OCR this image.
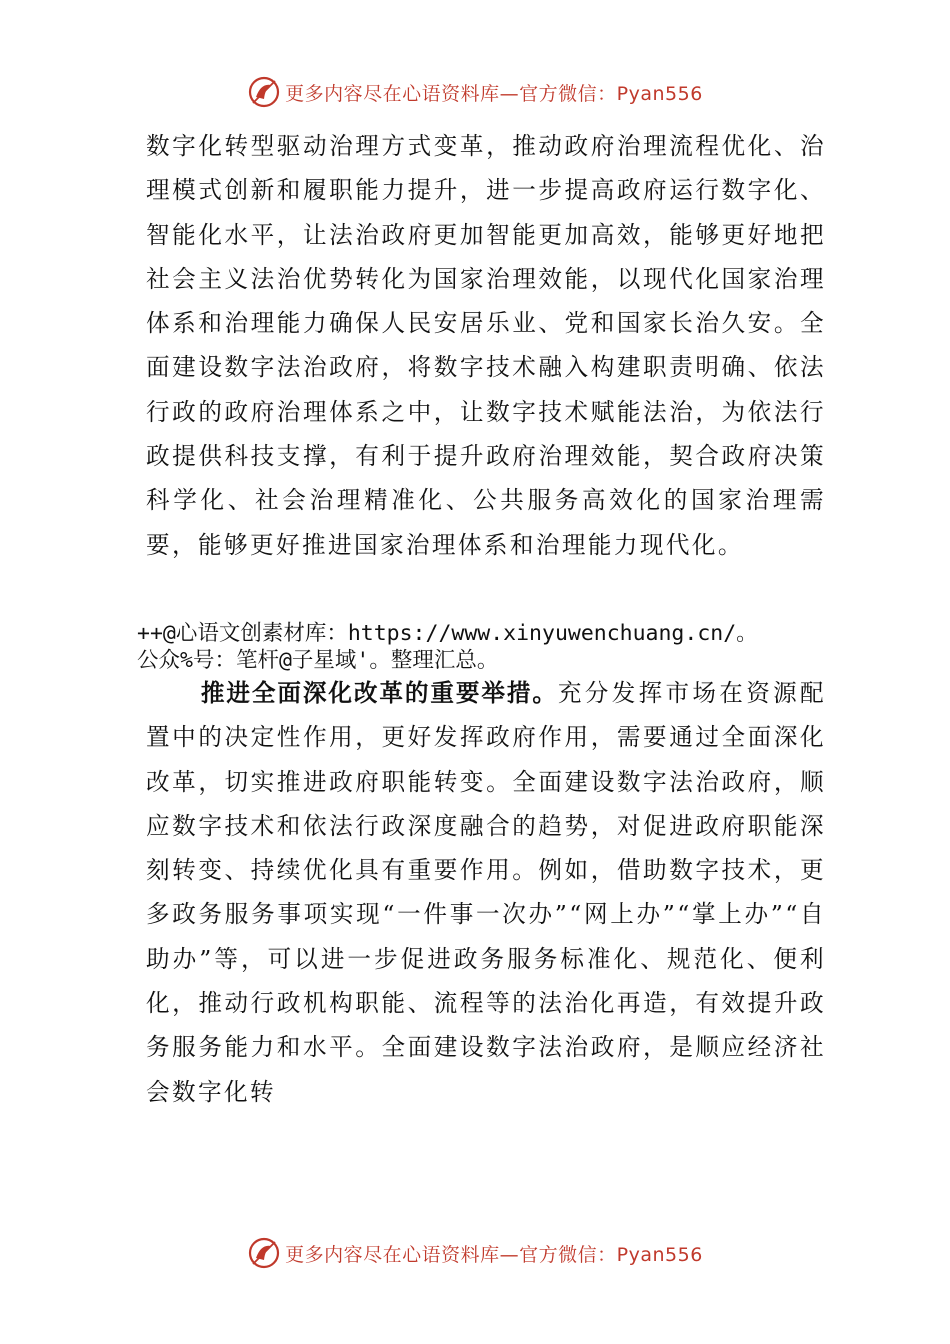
更多内容尽在心语资料库—官方微信：Pyan556

数字化转型驱动治理方式变革，推动政府治理流程优化、治理模式创新和履职能力提升，进一步提高政府运行数字化、智能化水平，让法治政府更加智能更加高效，能够更好地把社会主义法治优势转化为国家治理效能，以现代化国家治理体系和治理能力确保人民安居乐业、党和国家长治久安。全面建设数字法治政府，将数字技术融入构建职责明确、依法行政的政府治理体系之中，让数字技术赋能法治，为依法行政提供科技支撑，有利于提升政府治理效能，契合政府决策科学化、社会治理精准化、公共服务高效化的国家治理需要，能够更好推进国家治理体系和治理能力现代化。

++@心语文创素材库：https://www.xinyuwenchuang.cn/。
公众%号：笔杆@子星域'。整理汇总。

推进全面深化改革的重要举措。充分发挥市场在资源配置中的决定性作用，更好发挥政府作用，需要通过全面深化改革，切实推进政府职能转变。全面建设数字法治政府，顺应数字技术和依法行政深度融合的趋势，对促进政府职能深刻转变、持续优化具有重要作用。例如，借助数字技术，更多政务服务事项实现“一件事一次办”“网上办”“掌上办”“自助办”等，可以进一步促进政务服务标准化、规范化、便利化，推动行政机构职能、流程等的法治化再造，有效提升政务服务能力和水平。全面建设数字法治政府，是顺应经济社会数字化转

更多内容尽在心语资料库—官方微信：Pyan556
